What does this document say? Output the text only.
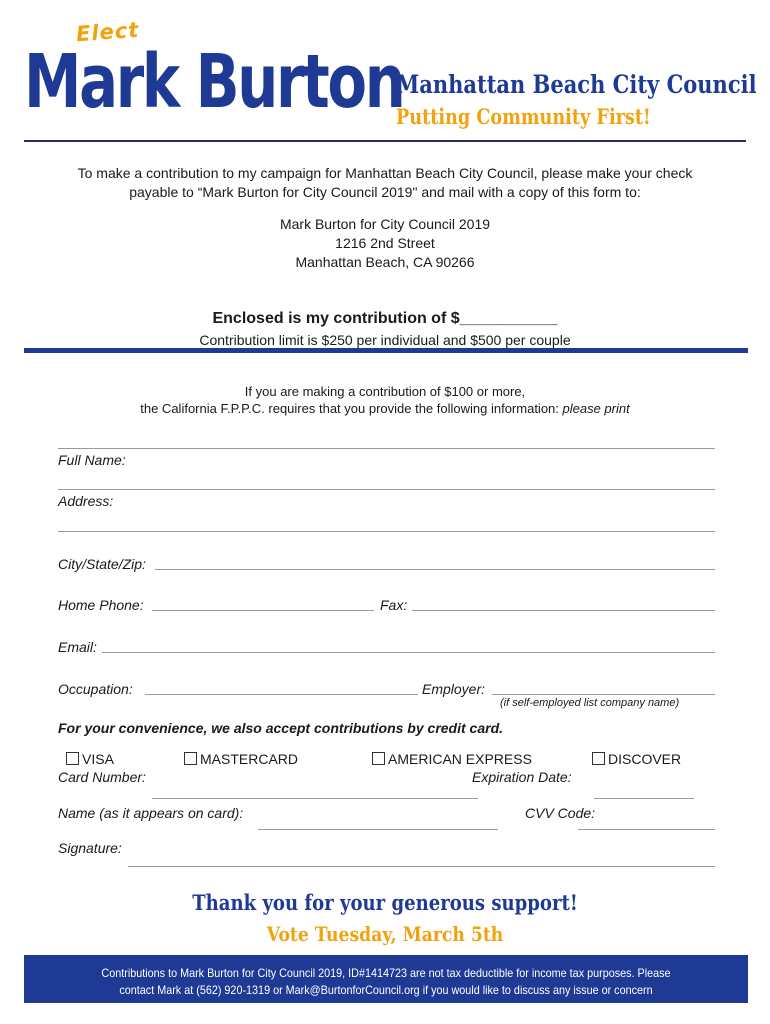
Elect
Mark Burton
Manhattan Beach City Council
Putting Community First!
To make a contribution to my campaign for Manhattan Beach City Council, please make your check
payable to “Mark Burton for City Council 2019" and mail with a copy of this form to:
Mark Burton for City Council 2019
1216 2nd Street
Manhattan Beach, CA 90266
Enclosed is my contribution of $___________
Contribution limit is $250 per individual and $500 per couple
If you are making a contribution of $100 or more,
the California F.P.P.C. requires that you provide the following information: please print
Full Name:
Address:
City/State/Zip:
Home Phone:	Fax:
Email:
Occupation:	Employer:
(if self-employed list company name)
For your convenience, we also accept contributions by credit card.
VISA	MASTERCARD	AMERICAN EXPRESS	DISCOVER
Card Number:	Expiration Date:
Name (as it appears on card):	CVV Code:
Signature:
Thank you for your generous support!
Vote Tuesday, March 5th
Contributions to Mark Burton for City Council 2019, ID#1414723 are not tax deductible for income tax purposes. Please
contact Mark at (562) 920-1319 or Mark@BurtonforCouncil.org if you would like to discuss any issue or concern
